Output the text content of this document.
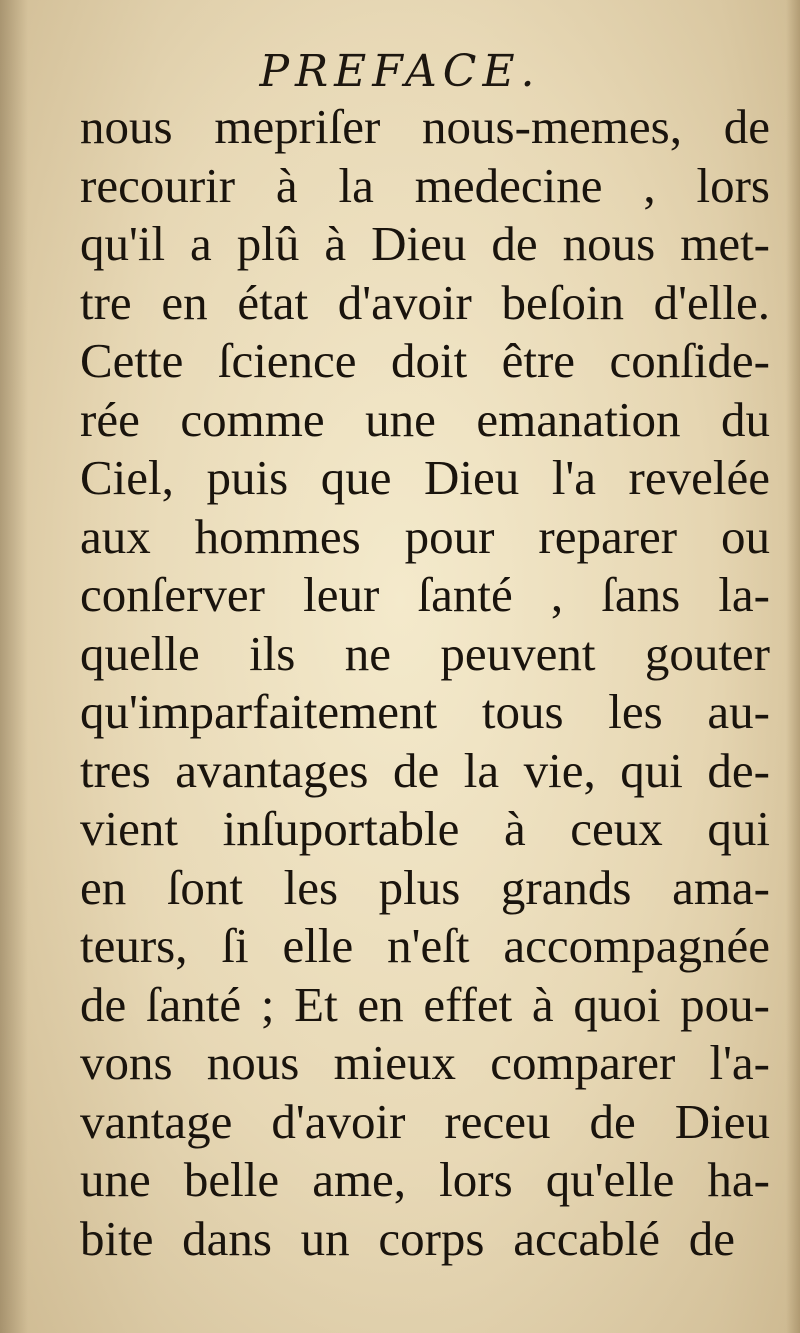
PREFACE.
nous mepriſer nous-memes, de
recourir à la medecine , lors
qu'il a plû à Dieu de nous met-
tre en état d'avoir beſoin d'elle.
Cette ſcience doit être conſide-
rée comme une emanation du
Ciel, puis que Dieu l'a revelée
aux hommes pour reparer ou
conſerver leur ſanté , ſans la-
quelle ils ne peuvent gouter
qu'imparfaitement tous les au-
tres avantages de la vie, qui de-
vient inſuportable à ceux qui
en ſont les plus grands ama-
teurs, ſi elle n'eſt accompagnée
de ſanté ; Et en effet à quoi pou-
vons nous mieux comparer l'a-
vantage d'avoir receu de Dieu
une belle ame, lors qu'elle ha-
bite dans un corps accablé de
